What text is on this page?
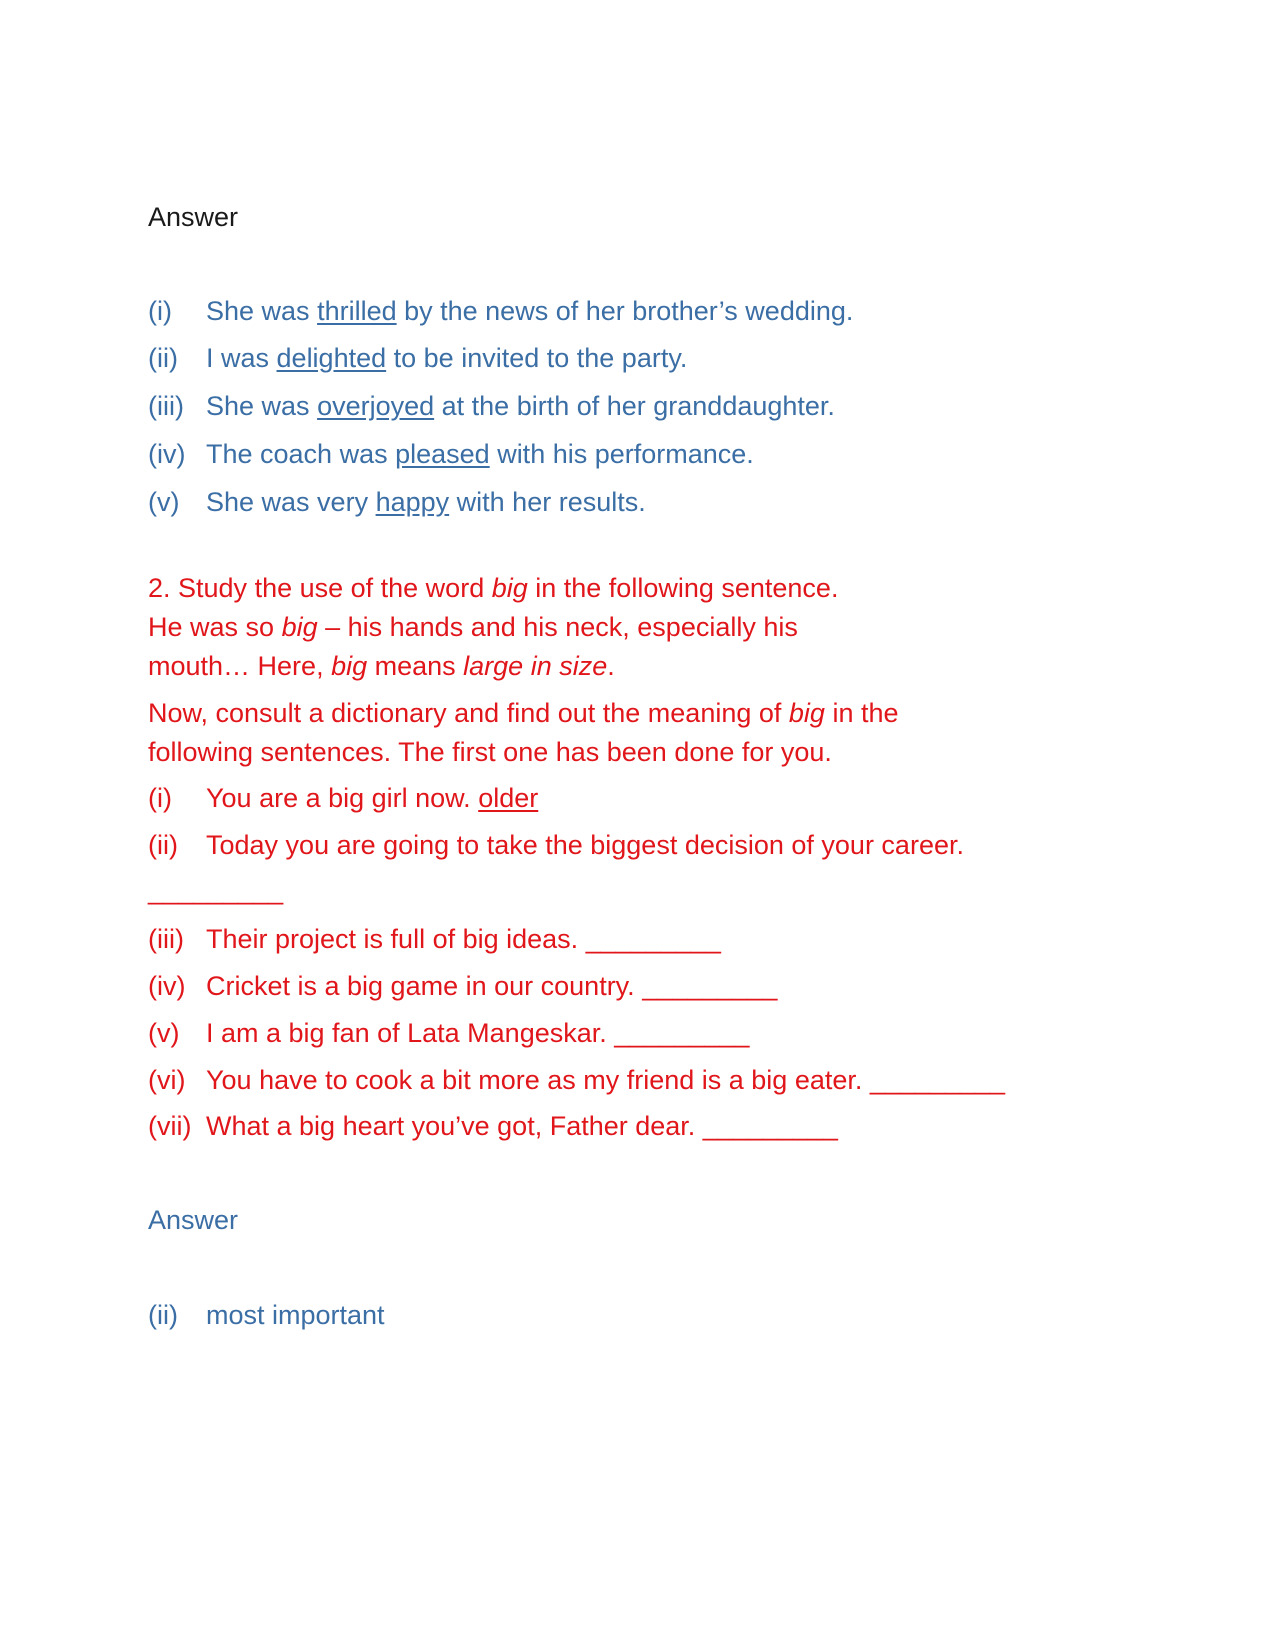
Answer
(i) She was thrilled by the news of her brother’s wedding.
(ii) I was delighted to be invited to the party.
(iii) She was overjoyed at the birth of her granddaughter.
(iv) The coach was pleased with his performance.
(v) She was very happy with her results.
2. Study the use of the word big in the following sentence.
He was so big – his hands and his neck, especially his
mouth… Here, big means large in size.
Now, consult a dictionary and find out the meaning of big in the
following sentences. The first one has been done for you.
(i) You are a big girl now. older
(ii) Today you are going to take the biggest decision of your career.
_________
(iii) Their project is full of big ideas. _________
(iv) Cricket is a big game in our country. _________
(v) I am a big fan of Lata Mangeskar. _________
(vi) You have to cook a bit more as my friend is a big eater. _________
(vii) What a big heart you’ve got, Father dear. _________
Answer
(ii) most important
